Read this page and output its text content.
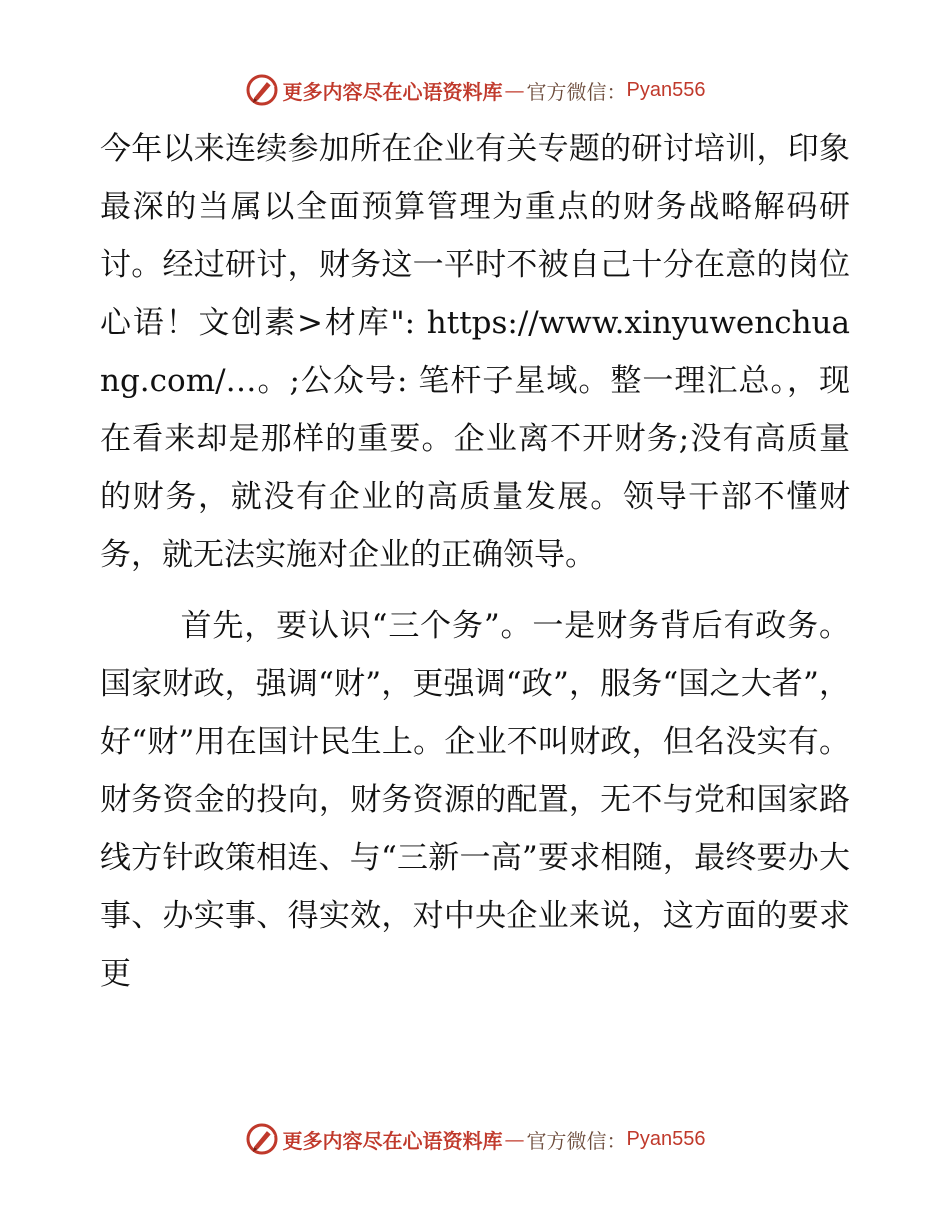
更多内容尽在心语资料库 — 官方微信： Pyan556

今年以来连续参加所在企业有关专题的研讨培训，印象最深的当属以全面预算管理为重点的财务战略解码研讨。经过研讨，财务这一平时不被自己十分在意的岗位心语！文创素>材库": https://www.xinyuwenchuang.com/…。;公众号: 笔杆子星域。整一理汇总。，现在看来却是那样的重要。企业离不开财务;没有高质量的财务，就没有企业的高质量发展。领导干部不懂财务，就无法实施对企业的正确领导。

首先，要认识“三个务”。一是财务背后有政务。国家财政，强调“财”，更强调“政”，服务“国之大者”，好“财”用在国计民生上。企业不叫财政，但名没实有。财务资金的投向，财务资源的配置，无不与党和国家路线方针政策相连、与“三新一高”要求相随，最终要办大事、办实事、得实效，对中央企业来说，这方面的要求更

更多内容尽在心语资料库 — 官方微信： Pyan556
